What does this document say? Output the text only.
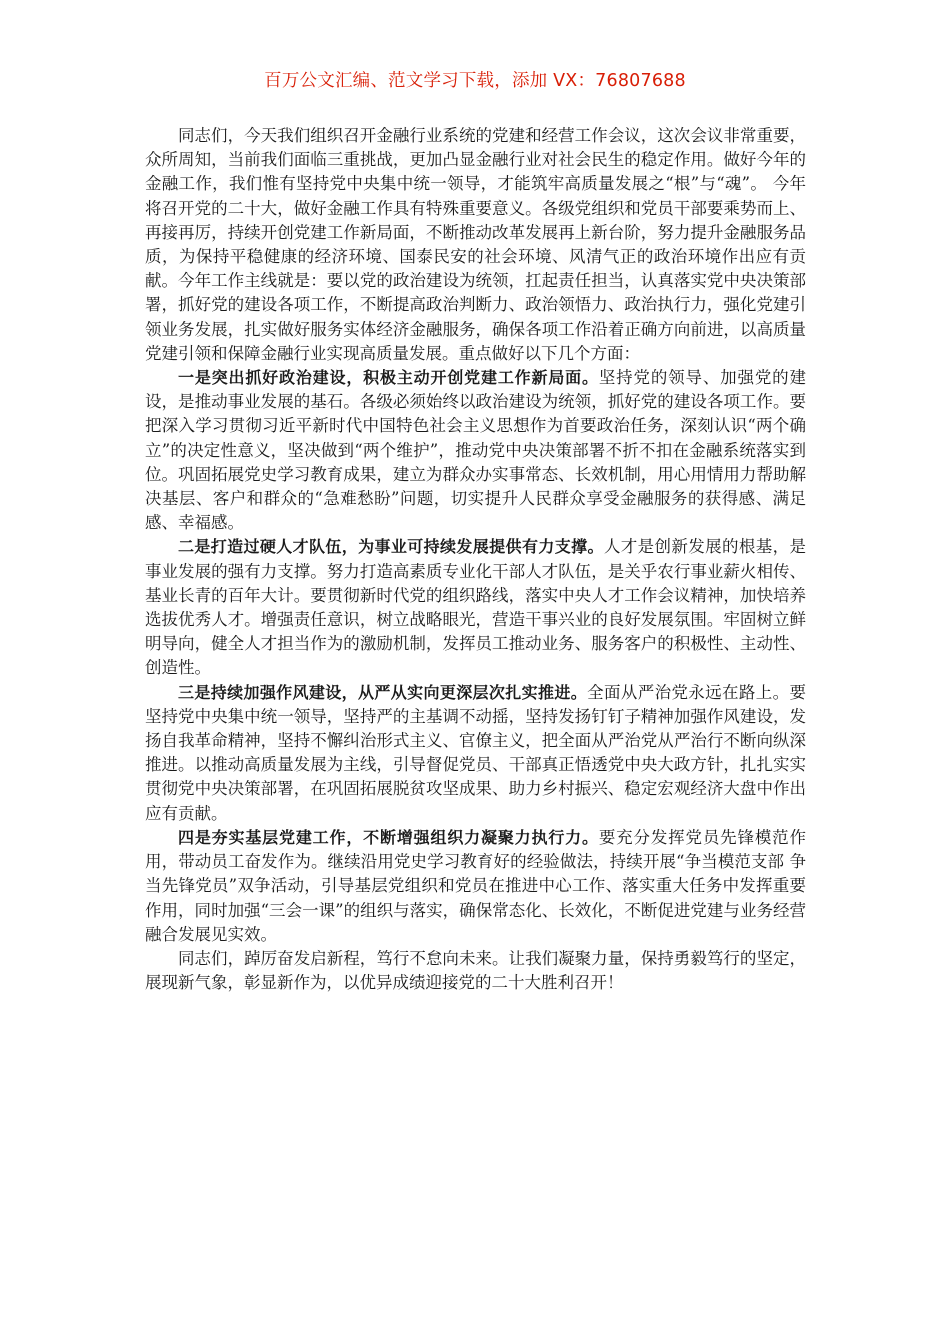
百万公文汇编、范文学习下载，添加 VX：76807688

同志们，今天我们组织召开金融行业系统的党建和经营工作会议，这次会议非常重要，众所周知，当前我们面临三重挑战，更加凸显金融行业对社会民生的稳定作用。做好今年的金融工作，我们惟有坚持党中央集中统一领导，才能筑牢高质量发展之“根”与“魂”。 今年将召开党的二十大，做好金融工作具有特殊重要意义。各级党组织和党员干部要乘势而上、再接再厉，持续开创党建工作新局面，不断推动改革发展再上新台阶，努力提升金融服务品质，为保持平稳健康的经济环境、国泰民安的社会环境、风清气正的政治环境作出应有贡献。今年工作主线就是：要以党的政治建设为统领，扛起责任担当，认真落实党中央决策部署，抓好党的建设各项工作，不断提高政治判断力、政治领悟力、政治执行力，强化党建引领业务发展，扎实做好服务实体经济金融服务，确保各项工作沿着正确方向前进，以高质量党建引领和保障金融行业实现高质量发展。重点做好以下几个方面：

一是突出抓好政治建设，积极主动开创党建工作新局面。坚持党的领导、加强党的建设，是推动事业发展的基石。各级必须始终以政治建设为统领，抓好党的建设各项工作。要把深入学习贯彻习近平新时代中国特色社会主义思想作为首要政治任务，深刻认识“两个确立”的决定性意义，坚决做到“两个维护”，推动党中央决策部署不折不扣在金融系统落实到位。巩固拓展党史学习教育成果，建立为群众办实事常态、长效机制，用心用情用力帮助解决基层、客户和群众的“急难愁盼”问题，切实提升人民群众享受金融服务的获得感、满足感、幸福感。

二是打造过硬人才队伍，为事业可持续发展提供有力支撑。人才是创新发展的根基，是事业发展的强有力支撑。努力打造高素质专业化干部人才队伍，是关乎农行事业薪火相传、基业长青的百年大计。要贯彻新时代党的组织路线，落实中央人才工作会议精神，加快培养选拔优秀人才。增强责任意识，树立战略眼光，营造干事兴业的良好发展氛围。牢固树立鲜明导向，健全人才担当作为的激励机制，发挥员工推动业务、服务客户的积极性、主动性、创造性。

三是持续加强作风建设，从严从实向更深层次扎实推进。全面从严治党永远在路上。要坚持党中央集中统一领导，坚持严的主基调不动摇，坚持发扬钉钉子精神加强作风建设，发扬自我革命精神，坚持不懈纠治形式主义、官僚主义，把全面从严治党从严治行不断向纵深推进。以推动高质量发展为主线，引导督促党员、干部真正悟透党中央大政方针，扎扎实实贯彻党中央决策部署，在巩固拓展脱贫攻坚成果、助力乡村振兴、稳定宏观经济大盘中作出应有贡献。

四是夯实基层党建工作，不断增强组织力凝聚力执行力。要充分发挥党员先锋模范作用，带动员工奋发作为。继续沿用党史学习教育好的经验做法，持续开展“争当模范支部 争当先锋党员”双争活动，引导基层党组织和党员在推进中心工作、落实重大任务中发挥重要作用，同时加强“三会一课”的组织与落实，确保常态化、长效化，不断促进党建与业务经营融合发展见实效。

同志们，踔厉奋发启新程，笃行不怠向未来。让我们凝聚力量，保持勇毅笃行的坚定，展现新气象，彰显新作为，以优异成绩迎接党的二十大胜利召开！
